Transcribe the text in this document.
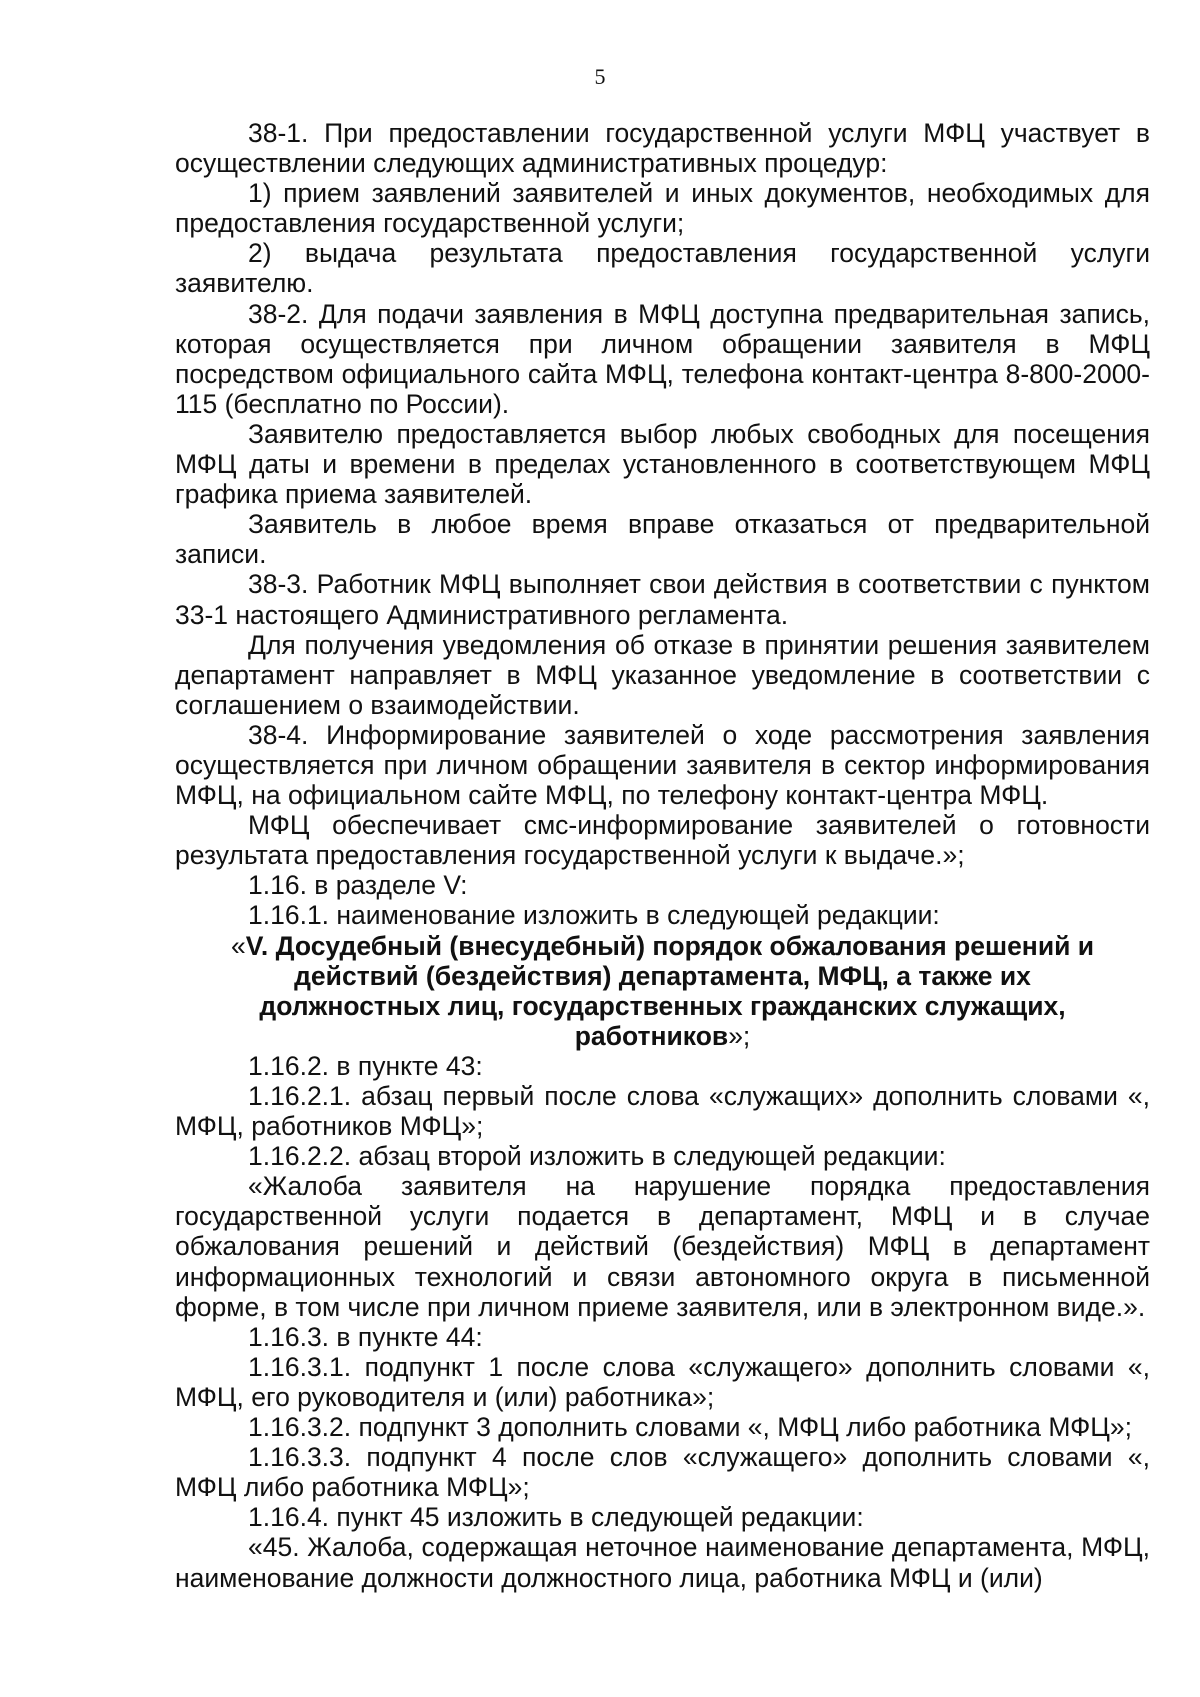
5

38-1. При предоставлении государственной услуги МФЦ участвует в осуществлении следующих административных процедур:

1) прием заявлений заявителей и иных документов, необходимых для предоставления государственной услуги;

2) выдача результата предоставления государственной услуги заявителю.

38-2. Для подачи заявления в МФЦ доступна предварительная запись, которая осуществляется при личном обращении заявителя в МФЦ посредством официального сайта МФЦ, телефона контакт-центра 8-800-2000-115 (бесплатно по России).

Заявителю предоставляется выбор любых свободных для посещения МФЦ даты и времени в пределах установленного в соответствующем МФЦ графика приема заявителей.

Заявитель в любое время вправе отказаться от предварительной записи.

38-3. Работник МФЦ выполняет свои действия в соответствии с пунктом 33-1 настоящего Административного регламента.

Для получения уведомления об отказе в принятии решения заявителем департамент направляет в МФЦ указанное уведомление в соответствии с соглашением о взаимодействии.

38-4. Информирование заявителей о ходе рассмотрения заявления осуществляется при личном обращении заявителя в сектор информирования МФЦ, на официальном сайте МФЦ, по телефону контакт-центра МФЦ.

МФЦ обеспечивает смс-информирование заявителей о готовности результата предоставления государственной услуги к выдаче.»;

1.16. в разделе V:

1.16.1. наименование изложить в следующей редакции:

«V. Досудебный (внесудебный) порядок обжалования решений и действий (бездействия) департамента, МФЦ, а также их должностных лиц, государственных гражданских служащих, работников»;

1.16.2. в пункте 43:

1.16.2.1. абзац первый после слова «служащих» дополнить словами «, МФЦ, работников МФЦ»;

1.16.2.2. абзац второй изложить в следующей редакции:

«Жалоба заявителя на нарушение порядка предоставления государственной услуги подается в департамент, МФЦ и в случае обжалования решений и действий (бездействия) МФЦ в департамент информационных технологий и связи автономного округа в письменной форме, в том числе при личном приеме заявителя, или в электронном виде.».

1.16.3. в пункте 44:

1.16.3.1. подпункт 1 после слова «служащего» дополнить словами «, МФЦ, его руководителя и (или) работника»;

1.16.3.2. подпункт 3 дополнить словами «, МФЦ либо работника МФЦ»;

1.16.3.3. подпункт 4 после слов «служащего» дополнить словами «, МФЦ либо работника МФЦ»;

1.16.4. пункт 45 изложить в следующей редакции:

«45. Жалоба, содержащая неточное наименование департамента, МФЦ, наименование должности должностного лица, работника МФЦ и (или)
